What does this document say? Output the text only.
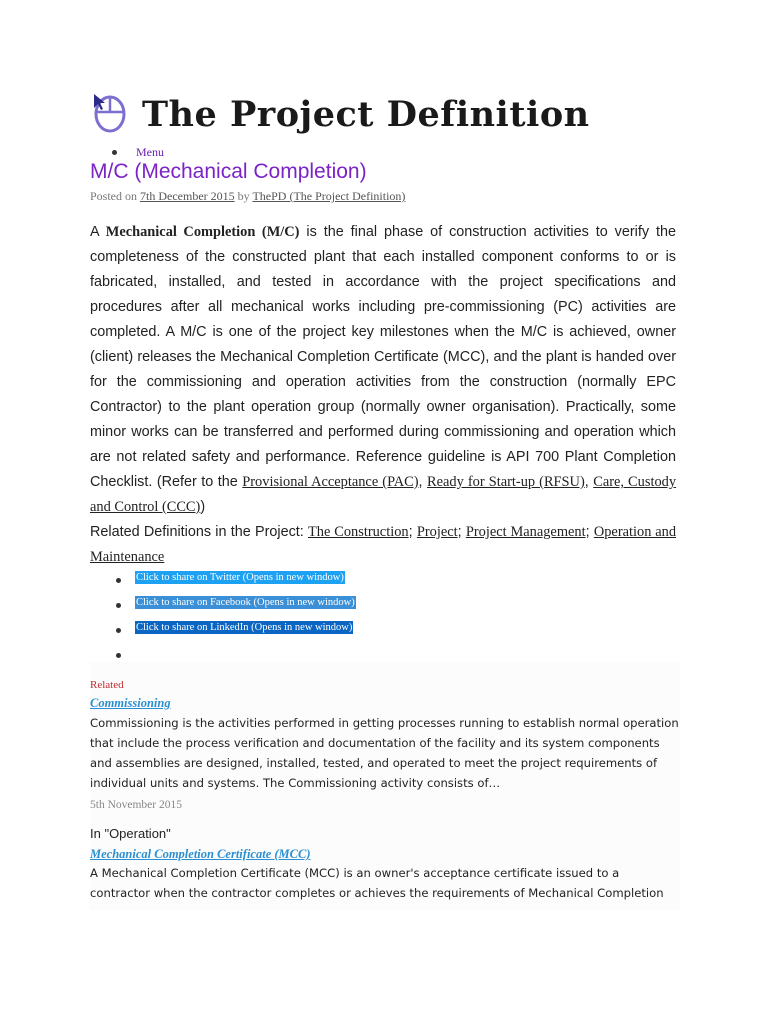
The Project Definition
Menu
M/C (Mechanical Completion)
Posted on 7th December 2015 by ThePD (The Project Definition)

A Mechanical Completion (M/C) is the final phase of construction activities to verify the completeness of the constructed plant that each installed component conforms to or is fabricated, installed, and tested in accordance with the project specifications and procedures after all mechanical works including pre-commissioning (PC) activities are completed. A M/C is one of the project key milestones when the M/C is achieved, owner (client) releases the Mechanical Completion Certificate (MCC), and the plant is handed over for the commissioning and operation activities from the construction (normally EPC Contractor) to the plant operation group (normally owner organisation). Practically, some minor works can be transferred and performed during commissioning and operation which are not related safety and performance. Reference guideline is API 700 Plant Completion Checklist. (Refer to the Provisional Acceptance (PAC), Ready for Start-up (RFSU), Care, Custody and Control (CCC))

Related Definitions in the Project: The Construction; Project; Project Management; Operation and Maintenance

Click to share on Twitter (Opens in new window)
Click to share on Facebook (Opens in new window)
Click to share on LinkedIn (Opens in new window)
Related
Commissioning

Commissioning is the activities performed in getting processes running to establish normal operation that include the process verification and documentation of the facility and its system components and assemblies are designed, installed, tested, and operated to meet the project requirements of individual units and systems. The Commissioning activity consists of…

5th November 2015
In "Operation"
Mechanical Completion Certificate (MCC)

A Mechanical Completion Certificate (MCC) is an owner's acceptance certificate issued to a contractor when the contractor completes or achieves the requirements of Mechanical Completion
